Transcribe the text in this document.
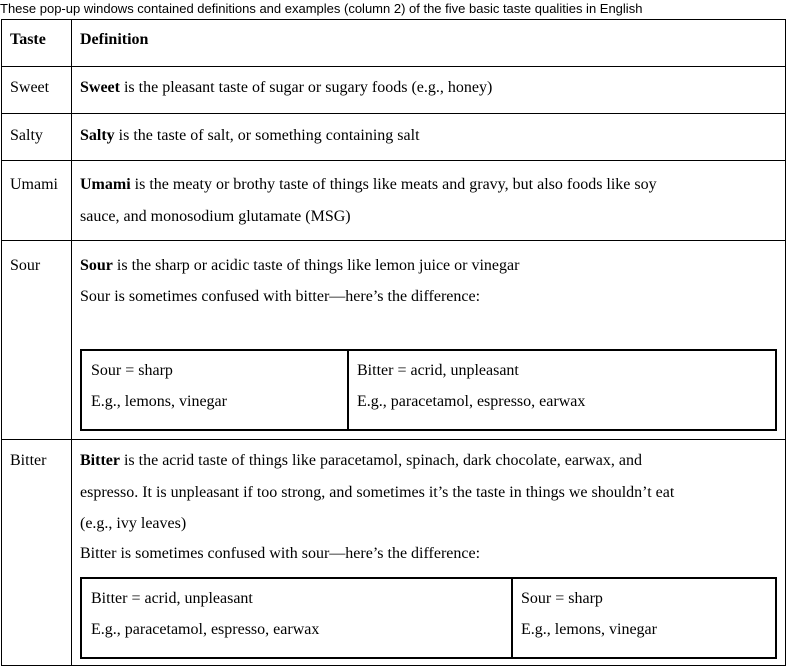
These pop-up windows contained definitions and examples (column 2) of the five basic taste qualities in English
Taste Definition
Sweet Sweet is the pleasant taste of sugar or sugary foods (e.g., honey)
Salty Salty is the taste of salt, or something containing salt
Umami Umami is the meaty or brothy taste of things like meats and gravy, but also foods like soy
sauce, and monosodium glutamate (MSG)
Sour Sour is the sharp or acidic taste of things like lemon juice or vinegar
Sour is sometimes confused with bitter—here’s the difference:
Sour = sharp
E.g., lemons, vinegar
Bitter = acrid, unpleasant
E.g., paracetamol, espresso, earwax
Bitter Bitter is the acrid taste of things like paracetamol, spinach, dark chocolate, earwax, and
espresso. It is unpleasant if too strong, and sometimes it’s the taste in things we shouldn’t eat
(e.g., ivy leaves)
Bitter is sometimes confused with sour—here’s the difference:
Bitter = acrid, unpleasant
E.g., paracetamol, espresso, earwax
Sour = sharp
E.g., lemons, vinegar
